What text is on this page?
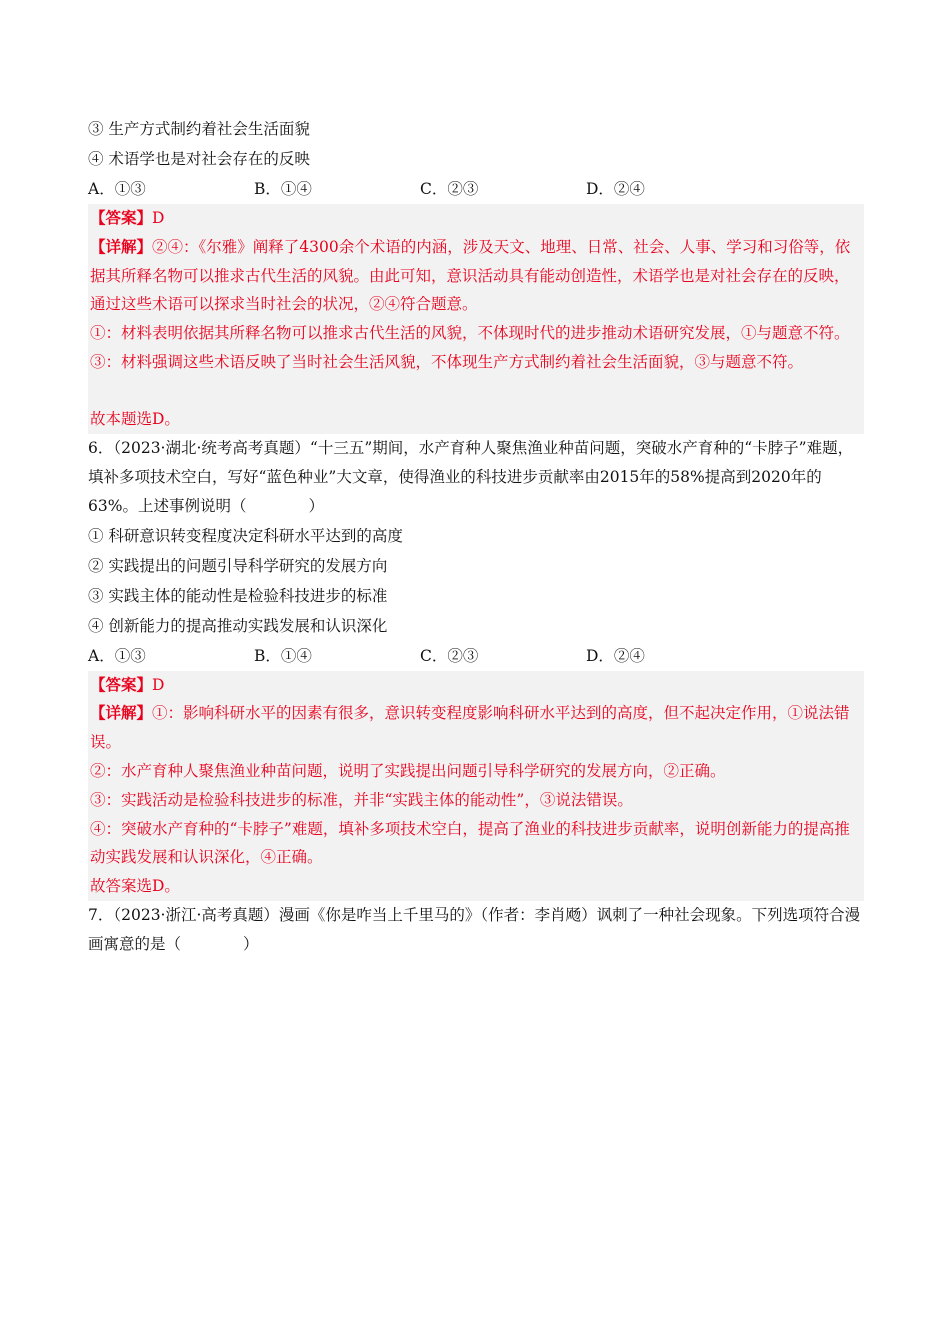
③ 生产方式制约着社会生活面貌
④ 术语学也是对社会存在的反映
A．①③	B．①④	C．②③	D．②④

【答案】D

【详解】②④：《尔雅》阐释了4300余个术语的内涵，涉及天文、地理、日常、社会、人事、学习和习俗等，依据其所释名物可以推求古代生活的风貌。由此可知，意识活动具有能动创造性，术语学也是对社会存在的反映，通过这些术语可以探求当时社会的状况，②④符合题意。

①：材料表明依据其所释名物可以推求古代生活的风貌，不体现时代的进步推动术语研究发展，①与题意不符。

③：材料强调这些术语反映了当时社会生活风貌，不体现生产方式制约着社会生活面貌，③与题意不符。

故本题选D。

6．（2023·湖北·统考高考真题）“十三五”期间，水产育种人聚焦渔业种苗问题，突破水产育种的“卡脖子”难题，填补多项技术空白，写好“蓝色种业”大文章，使得渔业的科技进步贡献率由2015年的58%提高到2020年的63%。上述事例说明（　　　　）

① 科研意识转变程度决定科研水平达到的高度
② 实践提出的问题引导科学研究的发展方向
③ 实践主体的能动性是检验科技进步的标准
④ 创新能力的提高推动实践发展和认识深化
A．①③	B．①④	C．②③	D．②④

【答案】D

【详解】①：影响科研水平的因素有很多，意识转变程度影响科研水平达到的高度，但不起决定作用，①说法错误。

②：水产育种人聚焦渔业种苗问题，说明了实践提出问题引导科学研究的发展方向，②正确。

③：实践活动是检验科技进步的标准，并非“实践主体的能动性”，③说法错误。

④：突破水产育种的“卡脖子”难题，填补多项技术空白，提高了渔业的科技进步贡献率，说明创新能力的提高推动实践发展和认识深化，④正确。

故答案选D。

7．（2023·浙江·高考真题）漫画《你是咋当上千里马的》（作者：李肖飏）讽刺了一种社会现象。下列选项符合漫画寓意的是（　　　　）
